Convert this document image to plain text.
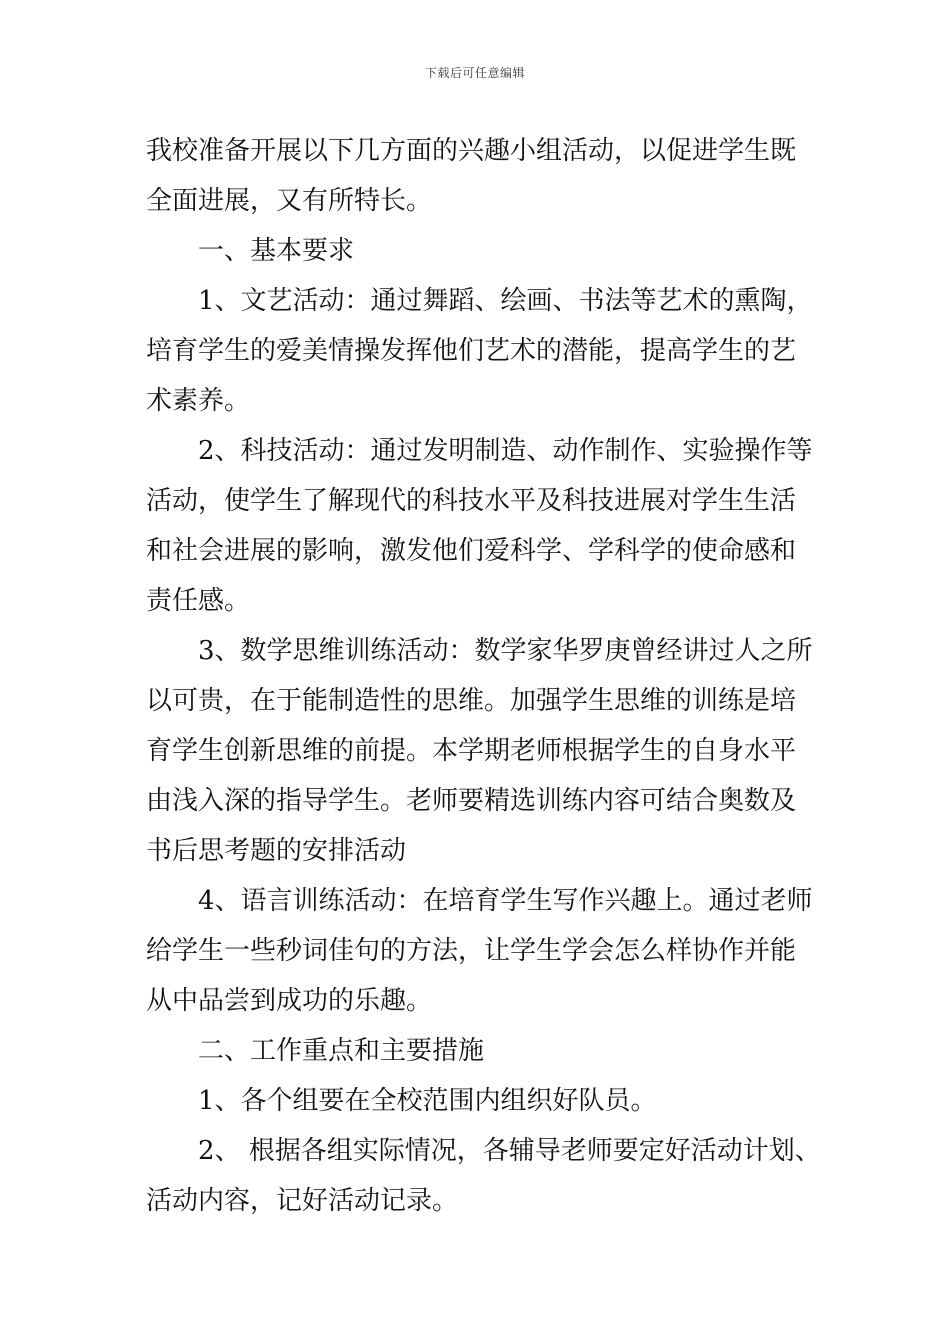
下载后可任意编辑
我校准备开展以下几方面的兴趣小组活动，以促进学生既
全面进展，又有所特长。
一、基本要求
1、文艺活动：通过舞蹈、绘画、书法等艺术的熏陶，
培育学生的爱美情操发挥他们艺术的潜能，提高学生的艺
术素养。
2、科技活动：通过发明制造、动作制作、实验操作等
活动，使学生了解现代的科技水平及科技进展对学生生活
和社会进展的影响，激发他们爱科学、学科学的使命感和
责任感。
3、数学思维训练活动：数学家华罗庚曾经讲过人之所
以可贵，在于能制造性的思维。加强学生思维的训练是培
育学生创新思维的前提。本学期老师根据学生的自身水平
由浅入深的指导学生。老师要精选训练内容可结合奥数及
书后思考题的安排活动
4、语言训练活动：在培育学生写作兴趣上。通过老师
给学生一些秒词佳句的方法，让学生学会怎么样协作并能
从中品尝到成功的乐趣。
二、工作重点和主要措施
1、各个组要在全校范围内组织好队员。
2、 根据各组实际情况，各辅导老师要定好活动计划、
活动内容，记好活动记录。
